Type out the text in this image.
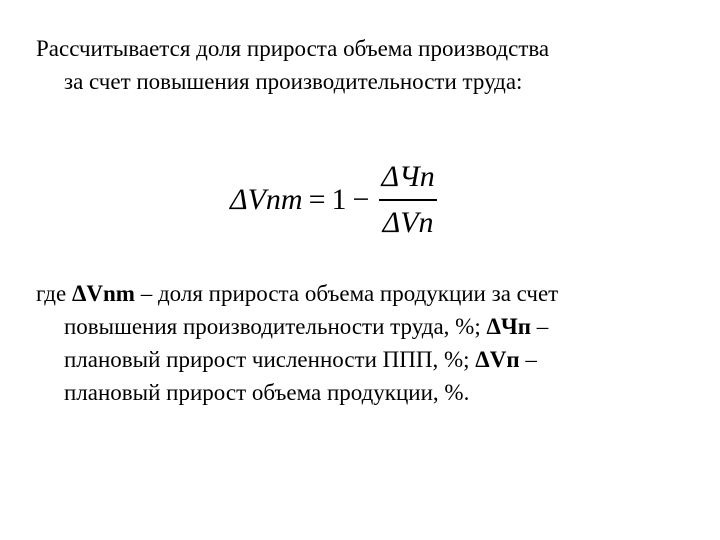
Рассчитывается доля прироста объема производства
за счет повышения производительности труда:
$\Delta Vnm = 1 - \frac{\text{ΔЧn}}{\text{ΔVn}}$
где ΔVnm – доля прироста объема продукции за счет
повышения производительности труда, %; ΔЧп –
плановый прирост численности ППП, %; ΔVп –
плановый прирост объема продукции, %.
